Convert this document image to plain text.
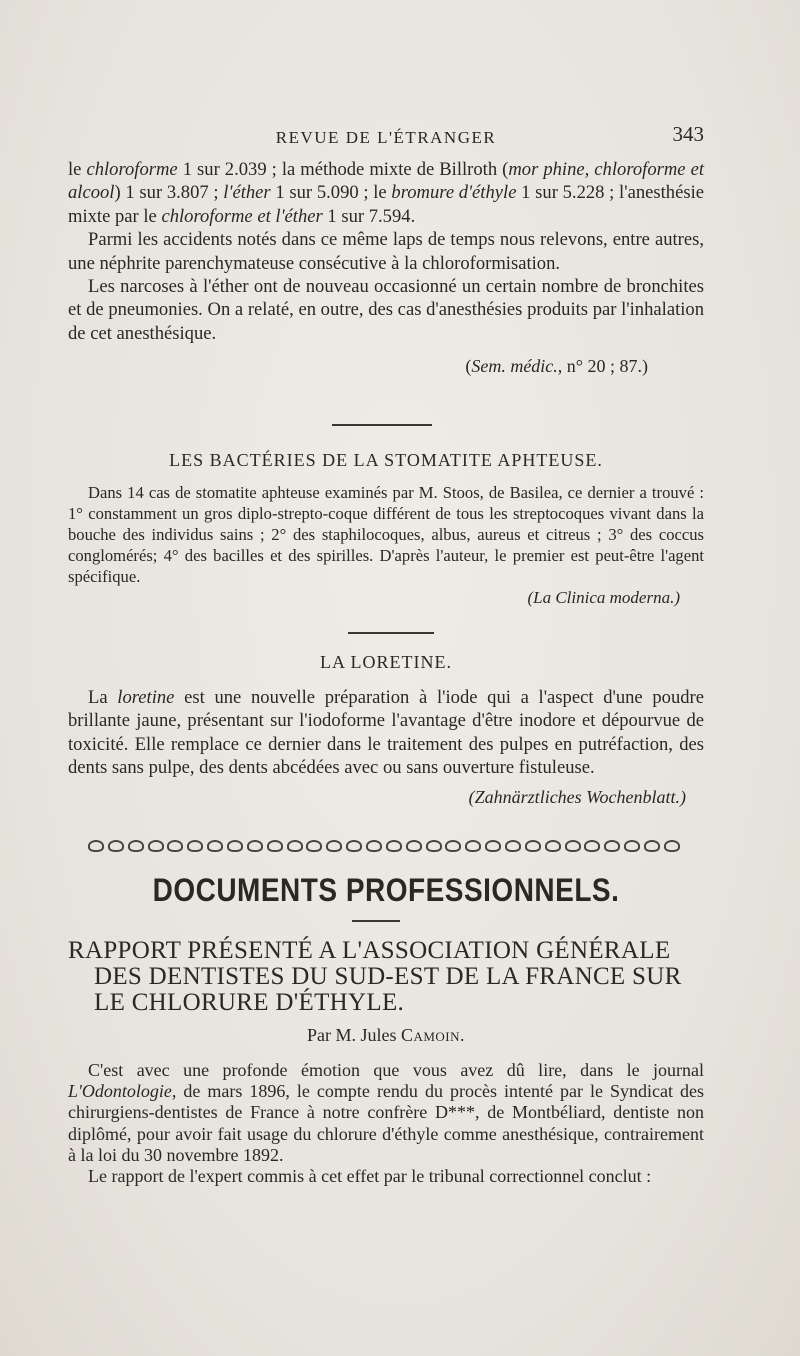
REVUE DE L'ÉTRANGER	343

le chloroforme 1 sur 2.039 ; la méthode mixte de Billroth (mor phine, chloroforme et alcool) 1 sur 3.807 ; l'éther 1 sur 5.090 ; le bromure d'éthyle 1 sur 5.228 ; l'anesthésie mixte par le chloroforme et l'éther 1 sur 7.594.

Parmi les accidents notés dans ce même laps de temps nous relevons, entre autres, une néphrite parenchymateuse consécutive à la chloroformisation.

Les narcoses à l'éther ont de nouveau occasionné un certain nombre de bronchites et de pneumonies. On a relaté, en outre, des cas d'anesthésies produits par l'inhalation de cet anesthésique.

(Sem. médic., n° 20 ; 87.)

LES BACTÉRIES DE LA STOMATITE APHTEUSE.

Dans 14 cas de stomatite aphteuse examinés par M. Stoos, de Basilea, ce dernier a trouvé : 1° constamment un gros diplo-strepto-coque différent de tous les streptocoques vivant dans la bouche des individus sains ; 2° des staphilocoques, albus, aureus et citreus ; 3° des coccus conglomérés; 4° des bacilles et des spirilles. D'après l'auteur, le premier est peut-être l'agent spécifique.

(La Clinica moderna.)

LA LORETINE.

La loretine est une nouvelle préparation à l'iode qui a l'aspect d'une poudre brillante jaune, présentant sur l'iodoforme l'avantage d'être inodore et dépourvue de toxicité. Elle remplace ce dernier dans le traitement des pulpes en putréfaction, des dents sans pulpe, des dents abcédées avec ou sans ouverture fistuleuse.

(Zahnärztliches Wochenblatt.)

DOCUMENTS PROFESSIONNELS.
RAPPORT PRÉSENTÉ A L'ASSOCIATION GÉNÉRALE
DES DENTISTES DU SUD-EST DE LA FRANCE SUR
LE CHLORURE D'ÉTHYLE.
Par M. Jules Camoin.

C'est avec une profonde émotion que vous avez dû lire, dans le journal L'Odontologie, de mars 1896, le compte rendu du procès intenté par le Syndicat des chirurgiens-dentistes de France à notre confrère D***, de Montbéliard, dentiste non diplômé, pour avoir fait usage du chlorure d'éthyle comme anesthésique, contrairement à la loi du 30 novembre 1892.

Le rapport de l'expert commis à cet effet par le tribunal correctionnel conclut :
